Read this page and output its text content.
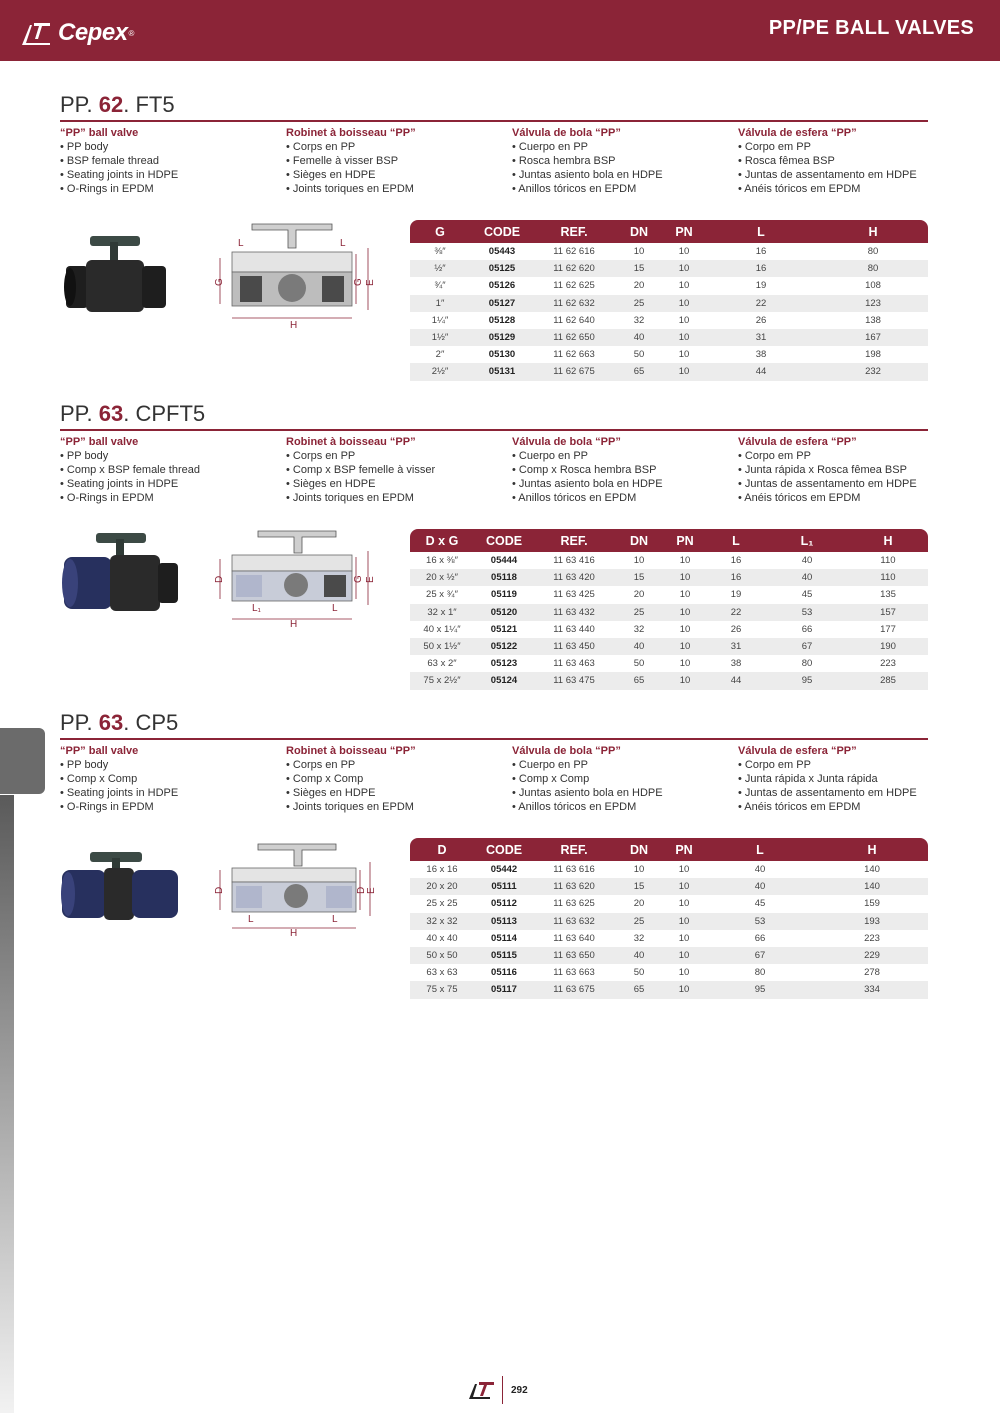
Cepex ®	PP/PE BALL VALVES
PP. 62. FT5
“PP” ball valve
• PP body
• BSP female thread
• Seating joints in HDPE
• O-Rings in EPDM
Robinet à boisseau “PP”
• Corps en PP
• Femelle à visser BSP
• Sièges en HDPE
• Joints toriques en EPDM
Válvula de bola “PP”
• Cuerpo en PP
• Rosca hembra BSP
• Juntas asiento bola en HDPE
• Anillos tóricos en EPDM
Válvula de esfera “PP”
• Corpo em PP
• Rosca fêmea BSP
• Juntas de assentamento em HDPE
• Anéis tóricos em EPDM
G
H
L	L
G E
G	CODE	REF.	DN	PN	L	H
⅜″	05443	11 62 616	10	10	16	80
½″	05125	11 62 620	15	10	16	80
¾″	05126	11 62 625	20	10	19	108
1″	05127	11 62 632	25	10	22	123
1¼″	05128	11 62 640	32	10	26	138
1½″	05129	11 62 650	40	10	31	167
2″	05130	11 62 663	50	10	38	198
2½″	05131	11 62 675	65	10	44	232
PP. 63. CPFT5
“PP” ball valve
• PP body
• Comp x BSP female thread
• Seating joints in HDPE
• O-Rings in EPDM
Robinet à boisseau “PP”
• Corps en PP
• Comp x BSP femelle à visser
• Sièges en HDPE
• Joints toriques en EPDM
Válvula de bola “PP”
• Cuerpo en PP
• Comp x Rosca hembra BSP
• Juntas asiento bola en HDPE
• Anillos tóricos en EPDM
Válvula de esfera “PP”
• Corpo em PP
• Junta rápida x Rosca fêmea BSP
• Juntas de assentamento em HDPE
• Anéis tóricos em EPDM
D
L₁	L
H
G E
D x G	CODE	REF.	DN	PN	L	L₁	H
16 x ⅜″	05444	11 63 416	10	10	16	40	110
20 x ½″	05118	11 63 420	15	10	16	40	110
25 x ¾″	05119	11 63 425	20	10	19	45	135
32 x 1″	05120	11 63 432	25	10	22	53	157
40 x 1¼″	05121	11 63 440	32	10	26	66	177
50 x 1½″	05122	11 63 450	40	10	31	67	190
63 x 2″	05123	11 63 463	50	10	38	80	223
75 x 2½″	05124	11 63 475	65	10	44	95	285
PP. 63. CP5
“PP” ball valve
• PP body
• Comp x Comp
• Seating joints in HDPE
• O-Rings in EPDM
Robinet à boisseau “PP”
• Corps en PP
• Comp x Comp
• Sièges en HDPE
• Joints toriques en EPDM
Válvula de bola “PP”
• Cuerpo en PP
• Comp x Comp
• Juntas asiento bola en HDPE
• Anillos tóricos en EPDM
Válvula de esfera “PP”
• Corpo em PP
• Junta rápida x Junta rápida
• Juntas de assentamento em HDPE
• Anéis tóricos em EPDM
D
L	L
H
D E
D	CODE	REF.	DN	PN	L	H
16 x 16	05442	11 63 616	10	10	40	140
20 x 20	05111	11 63 620	15	10	40	140
25 x 25	05112	11 63 625	20	10	45	159
32 x 32	05113	11 63 632	25	10	53	193
40 x 40	05114	11 63 640	32	10	66	223
50 x 50	05115	11 63 650	40	10	67	229
63 x 63	05116	11 63 663	50	10	80	278
75 x 75	05117	11 63 675	65	10	95	334
292
